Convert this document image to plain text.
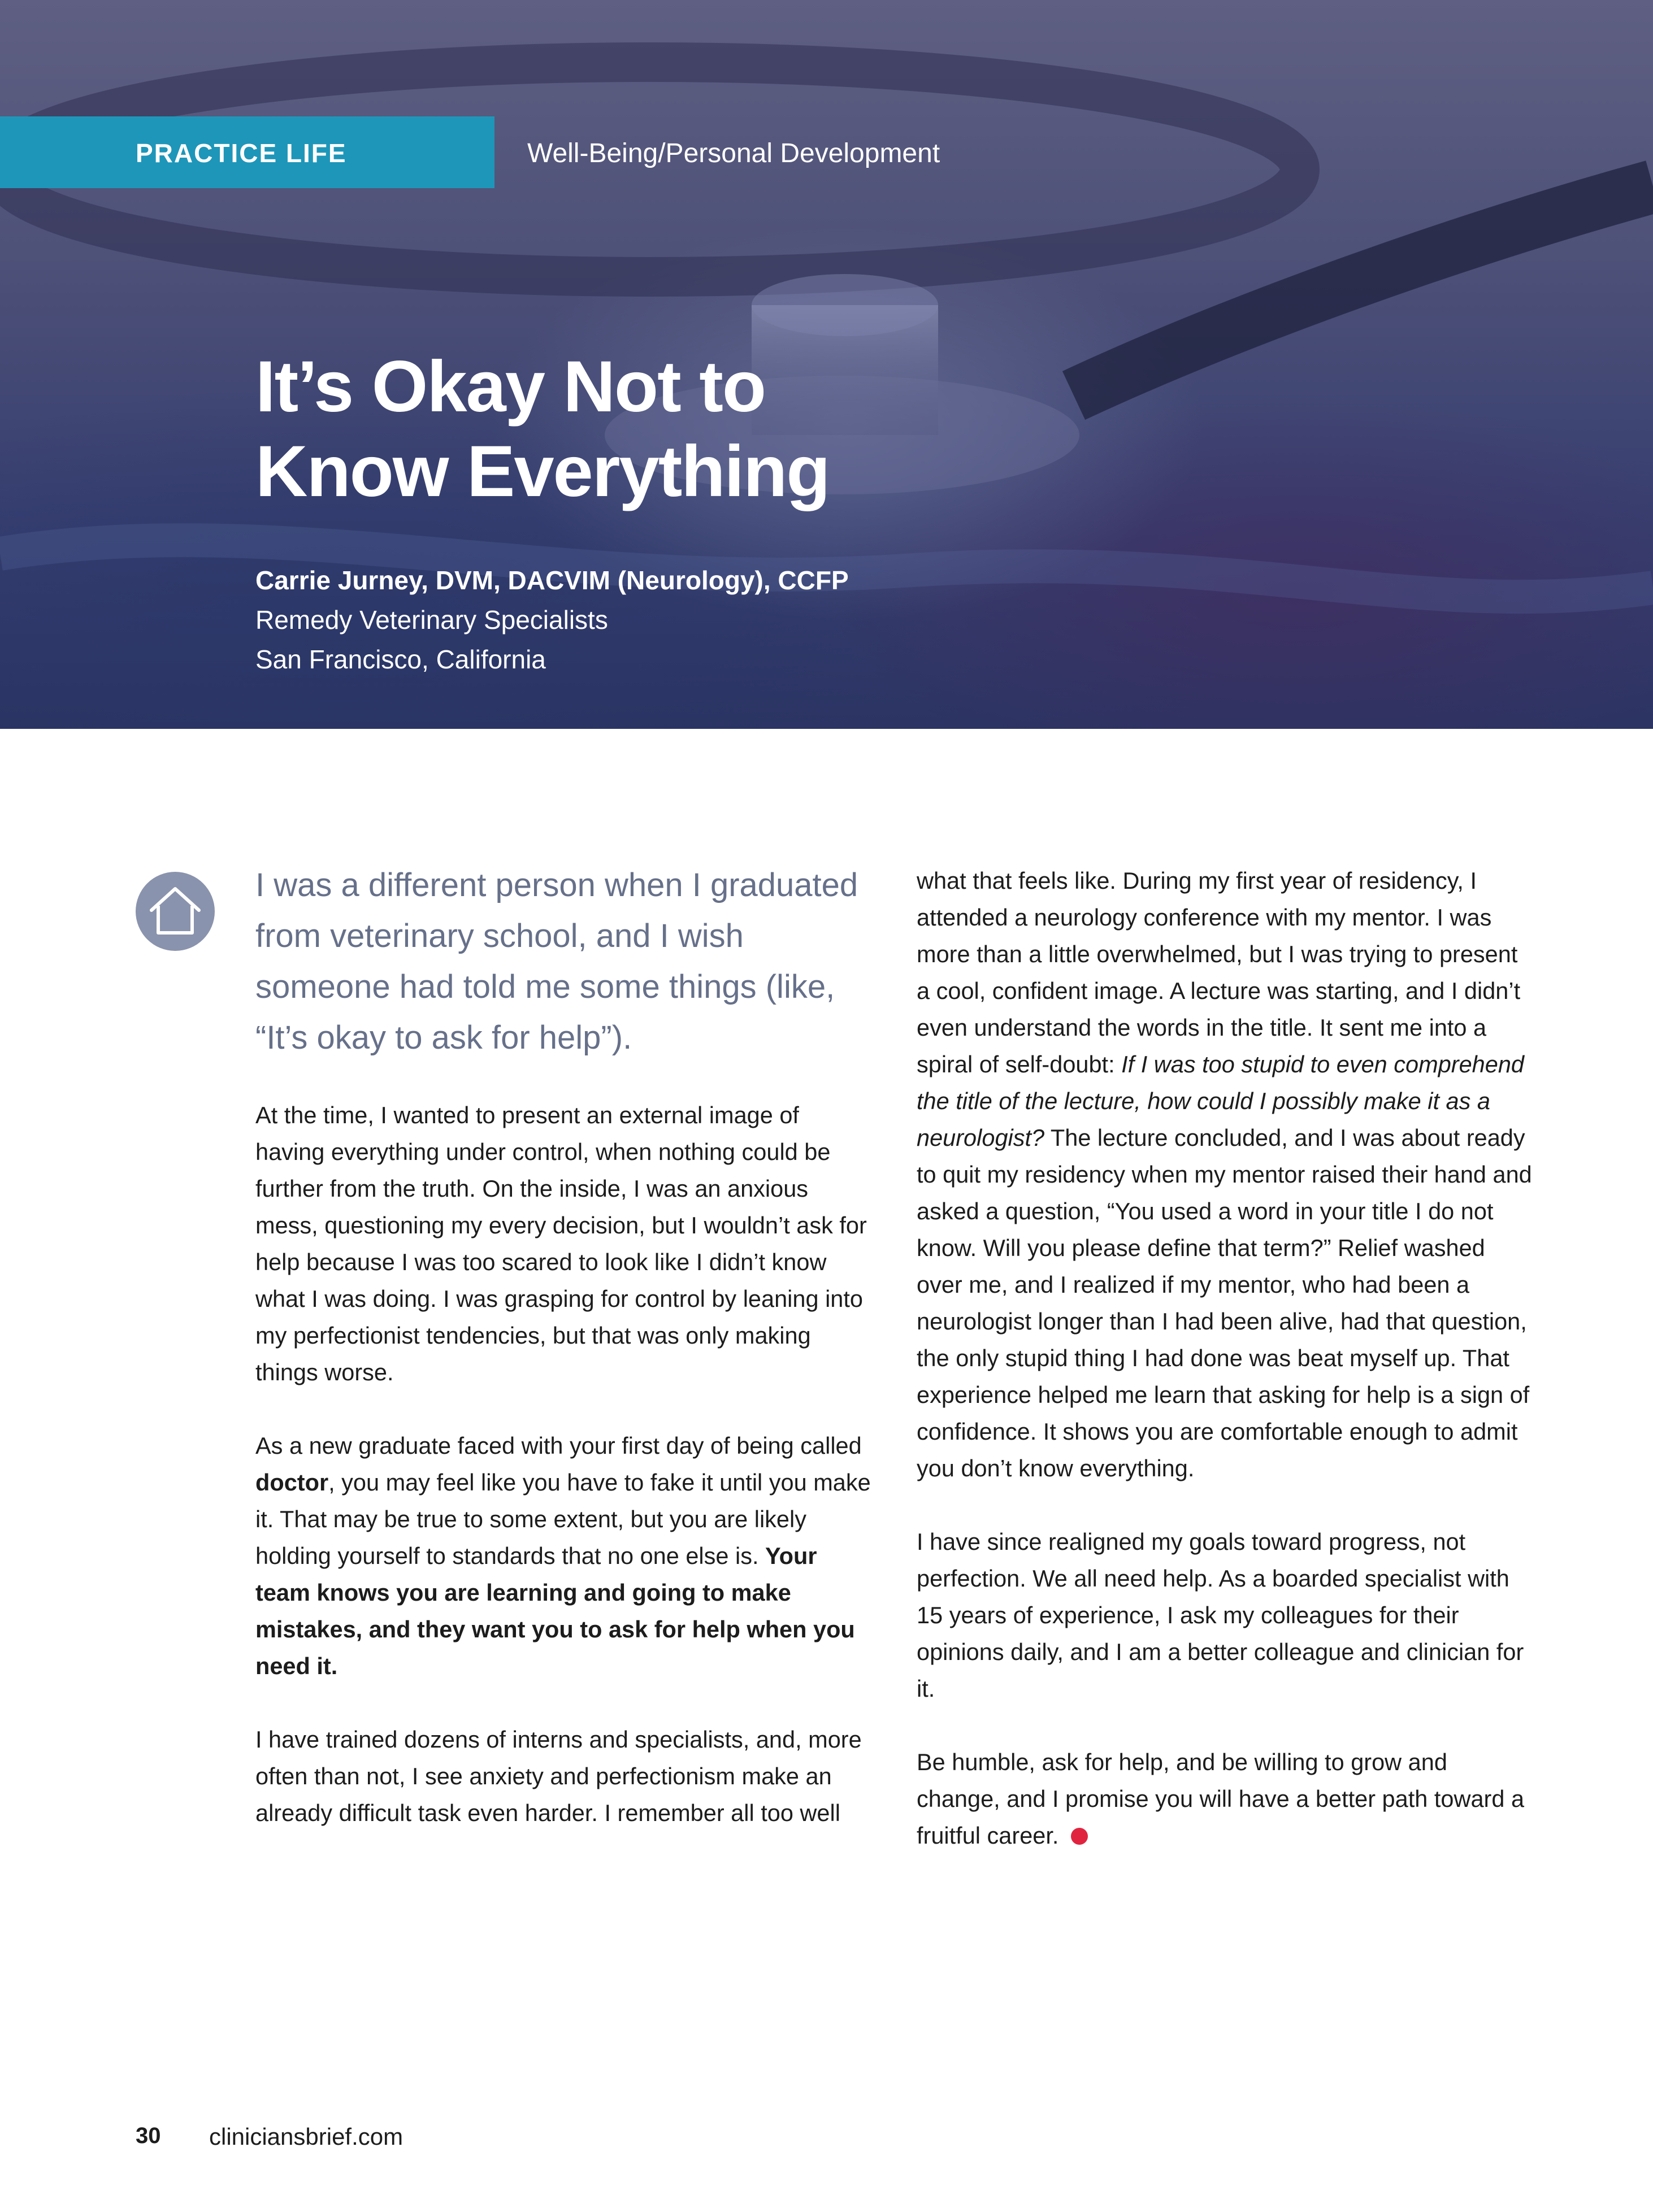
PRACTICE LIFE	Well-Being/Personal Development
It’s Okay Not to
Know Everything
Carrie Jurney, DVM, DACVIM (Neurology), CCFP
Remedy Veterinary Specialists
San Francisco, California
I was a different person when I graduated from veterinary school, and I wish someone had told me some things (like, “It’s okay to ask for help”).

At the time, I wanted to present an external image of having everything under control, when nothing could be further from the truth. On the inside, I was an anxious mess, questioning my every decision, but I wouldn’t ask for help because I was too scared to look like I didn’t know what I was doing. I was grasping for control by leaning into my perfectionist tendencies, but that was only making things worse.

As a new graduate faced with your first day of being called doctor, you may feel like you have to fake it until you make it. That may be true to some extent, but you are likely holding yourself to standards that no one else is. Your team knows you are learning and going to make mistakes, and they want you to ask for help when you need it.

I have trained dozens of interns and specialists, and, more often than not, I see anxiety and perfectionism make an already difficult task even harder. I remember all too well

what that feels like. During my first year of residency, I attended a neurology conference with my mentor. I was more than a little overwhelmed, but I was trying to present a cool, confident image. A lecture was starting, and I didn’t even understand the words in the title. It sent me into a spiral of self-doubt: If I was too stupid to even comprehend the title of the lecture, how could I possibly make it as a neurologist? The lecture concluded, and I was about ready to quit my residency when my mentor raised their hand and asked a question, “You used a word in your title I do not know. Will you please define that term?” Relief washed over me, and I realized if my mentor, who had been a neurologist longer than I had been alive, had that question, the only stupid thing I had done was beat myself up. That experience helped me learn that asking for help is a sign of confidence. It shows you are comfortable enough to admit you don’t know everything.

I have since realigned my goals toward progress, not perfection. We all need help. As a boarded specialist with 15 years of experience, I ask my colleagues for their opinions daily, and I am a better colleague and clinician for it.

Be humble, ask for help, and be willing to grow and change, and I promise you will have a better path toward a fruitful career.

30 cliniciansbrief.com
